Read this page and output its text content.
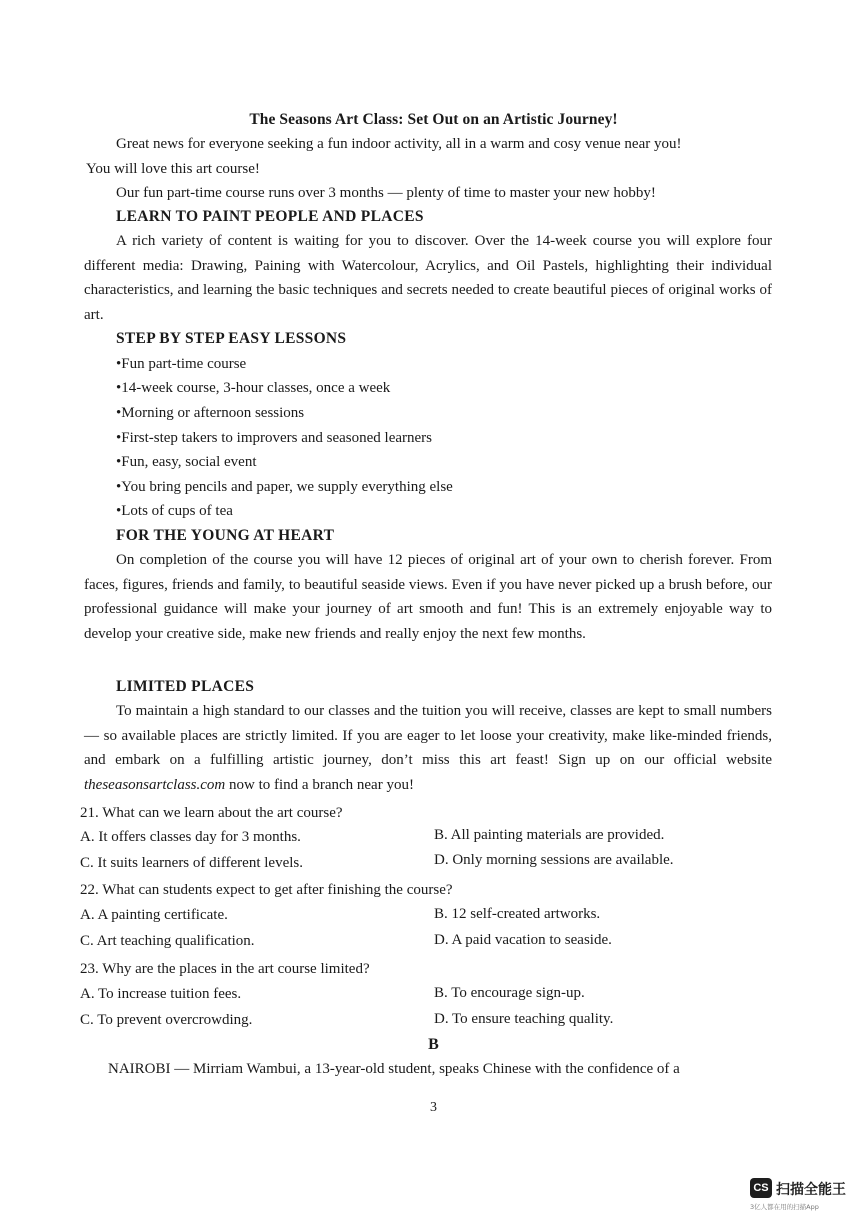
The Seasons Art Class: Set Out on an Artistic Journey!
Great news for everyone seeking a fun indoor activity, all in a warm and cosy venue near you!
You will love this art course!
Our fun part-time course runs over 3 months — plenty of time to master your new hobby!
LEARN TO PAINT PEOPLE AND PLACES
A rich variety of content is waiting for you to discover. Over the 14-week course you will explore four different media: Drawing, Paining with Watercolour, Acrylics, and Oil Pastels, highlighting their individual characteristics, and learning the basic techniques and secrets needed to create beautiful pieces of original works of art.
STEP BY STEP EASY LESSONS
•Fun part-time course
•14-week course, 3-hour classes, once a week
•Morning or afternoon sessions
•First-step takers to improvers and seasoned learners
•Fun, easy, social event
•You bring pencils and paper, we supply everything else
•Lots of cups of tea
FOR THE YOUNG AT HEART
On completion of the course you will have 12 pieces of original art of your own to cherish forever. From faces, figures, friends and family, to beautiful seaside views. Even if you have never picked up a brush before, our professional guidance will make your journey of art smooth and fun! This is an extremely enjoyable way to develop your creative side, make new friends and really enjoy the next few months.
LIMITED PLACES
To maintain a high standard to our classes and the tuition you will receive, classes are kept to small numbers — so available places are strictly limited. If you are eager to let loose your creativity, make like-minded friends, and embark on a fulfilling artistic journey, don’t miss this art feast! Sign up on our official website theseasonsartclass.com now to find a branch near you!
21. What can we learn about the art course?
A. It offers classes day for 3 months.	B. All painting materials are provided.
C. It suits learners of different levels.	D. Only morning sessions are available.
22. What can students expect to get after finishing the course?
A. A painting certificate.	B. 12 self-created artworks.
C. Art teaching qualification.	D. A paid vacation to seaside.
23. Why are the places in the art course limited?
A. To increase tuition fees.	B. To encourage sign-up.
C. To prevent overcrowding.	D. To ensure teaching quality.
B
NAIROBI — Mirriam Wambui, a 13-year-old student, speaks Chinese with the confidence of a
3
CS 扫描全能王
3亿人都在用的扫描App
